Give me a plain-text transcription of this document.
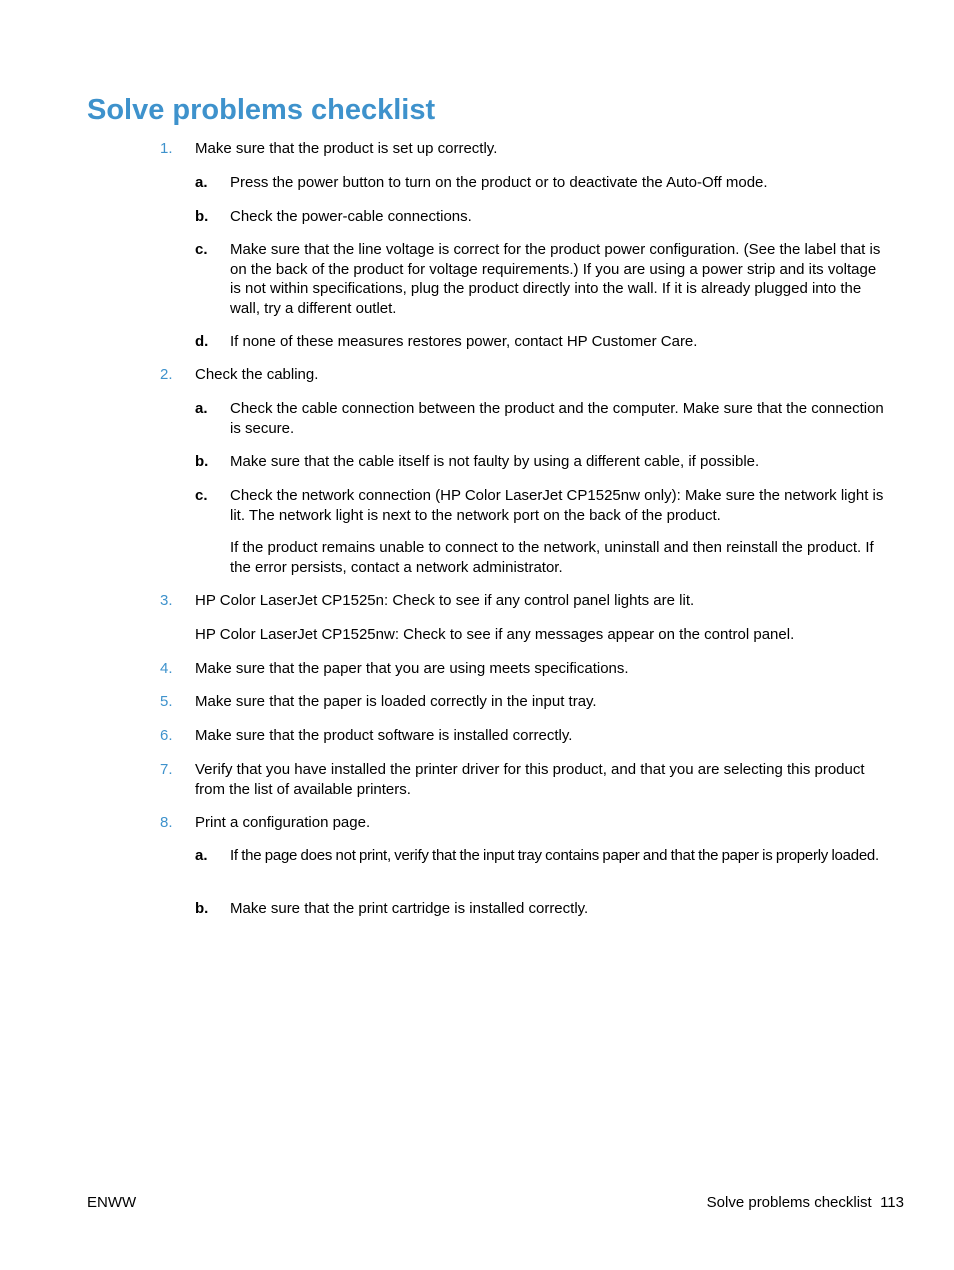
Solve problems checklist
1.	Make sure that the product is set up correctly.
a. Press the power button to turn on the product or to deactivate the Auto-Off mode.
b. Check the power-cable connections.
c. Make sure that the line voltage is correct for the product power configuration. (See the label that is on the back of the product for voltage requirements.) If you are using a power strip and its voltage is not within specifications, plug the product directly into the wall. If it is already plugged into the wall, try a different outlet.
d. If none of these measures restores power, contact HP Customer Care.
2.	Check the cabling.
a. Check the cable connection between the product and the computer. Make sure that the connection is secure.
b. Make sure that the cable itself is not faulty by using a different cable, if possible.
c. Check the network connection (HP Color LaserJet CP1525nw only): Make sure the network light is lit. The network light is next to the network port on the back of the product.
If the product remains unable to connect to the network, uninstall and then reinstall the product. If the error persists, contact a network administrator.
3.	HP Color LaserJet CP1525n: Check to see if any control panel lights are lit.
HP Color LaserJet CP1525nw: Check to see if any messages appear on the control panel.
4.	Make sure that the paper that you are using meets specifications.
5.	Make sure that the paper is loaded correctly in the input tray.
6.	Make sure that the product software is installed correctly.
7.	Verify that you have installed the printer driver for this product, and that you are selecting this product from the list of available printers.
8.	Print a configuration page.
a. If the page does not print, verify that the input tray contains paper and that the paper is properly loaded.
b. Make sure that the print cartridge is installed correctly.
ENWW	Solve problems checklist 113
